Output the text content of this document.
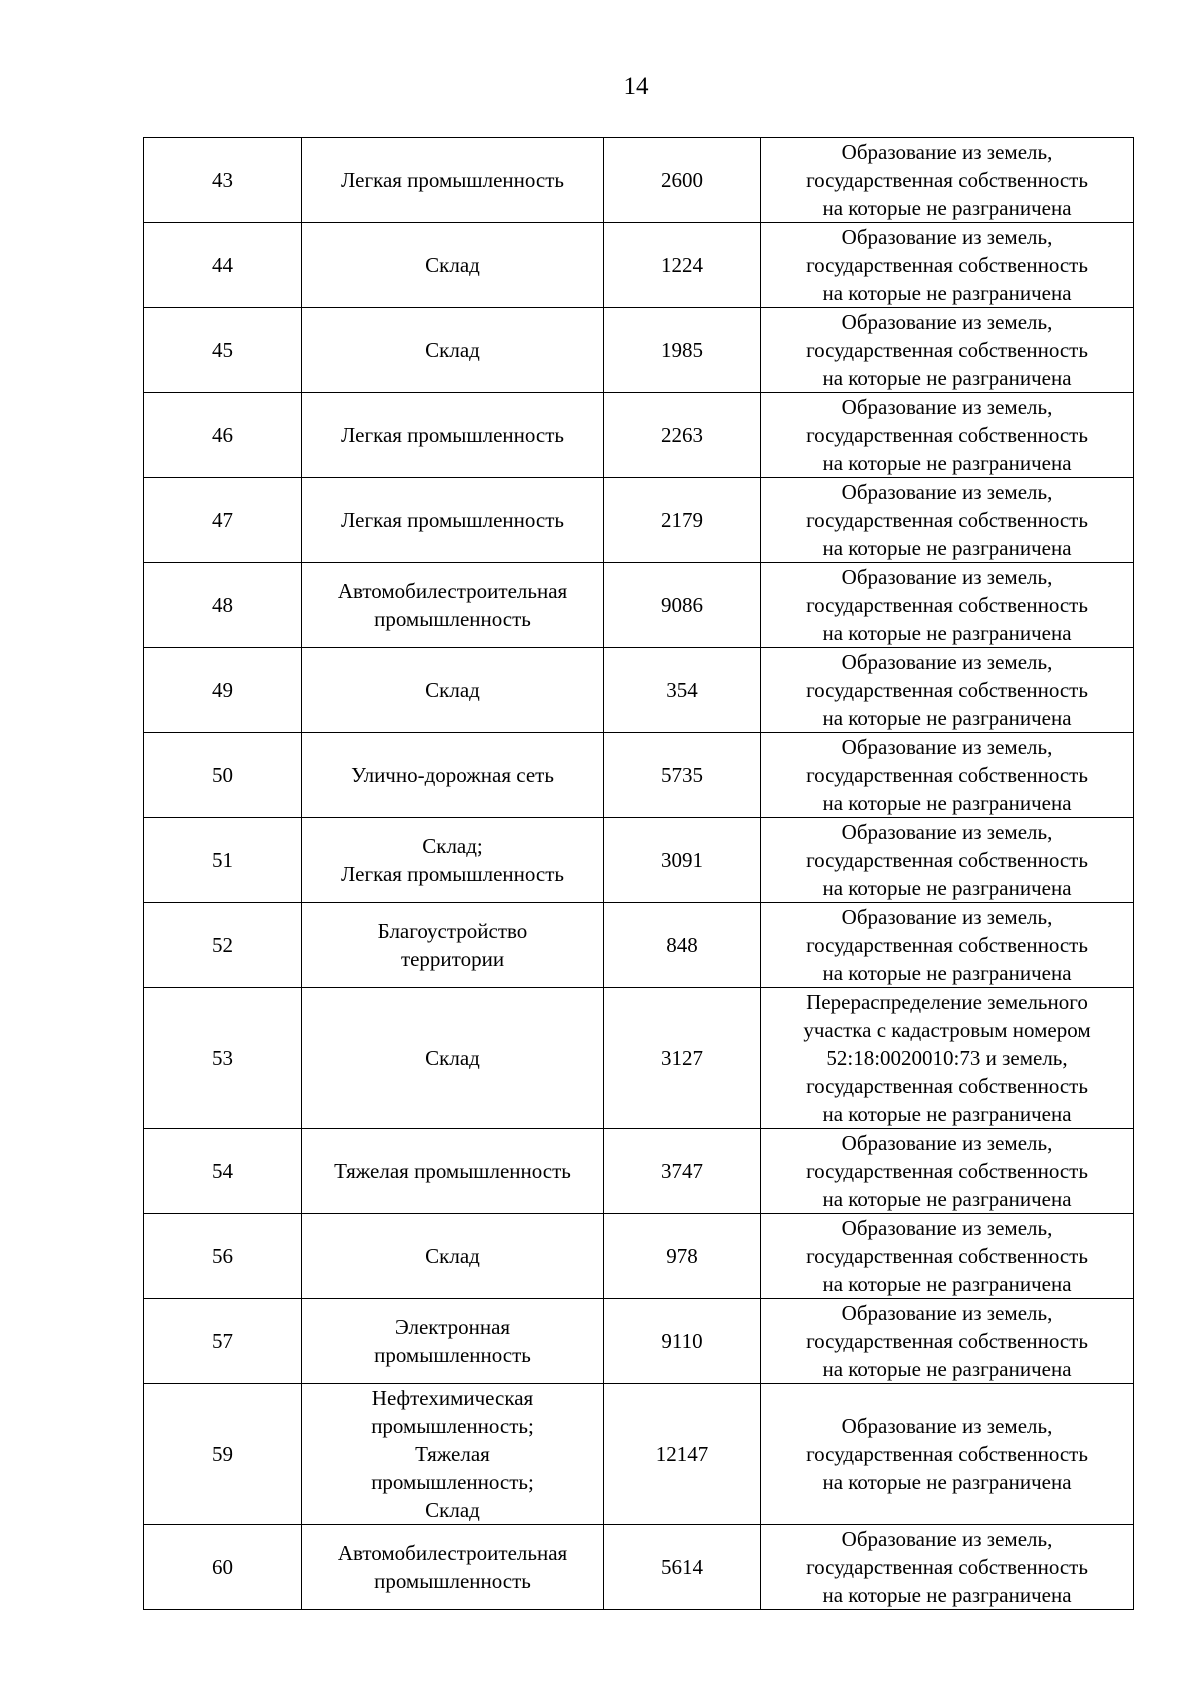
14
43	Легкая промышленность	2600	Образование из земель,
государственная собственность
на которые не разграничена
44	Склад	1224	Образование из земель,
государственная собственность
на которые не разграничена
45	Склад	1985	Образование из земель,
государственная собственность
на которые не разграничена
46	Легкая промышленность	2263	Образование из земель,
государственная собственность
на которые не разграничена
47	Легкая промышленность	2179	Образование из земель,
государственная собственность
на которые не разграничена
48	Автомобилестроительная
промышленность	9086	Образование из земель,
государственная собственность
на которые не разграничена
49	Склад	354	Образование из земель,
государственная собственность
на которые не разграничена
50	Улично-дорожная сеть	5735	Образование из земель,
государственная собственность
на которые не разграничена
51	Склад;
Легкая промышленность	3091	Образование из земель,
государственная собственность
на которые не разграничена
52	Благоустройство
территории	848	Образование из земель,
государственная собственность
на которые не разграничена
53	Склад	3127	Перераспределение земельного
участка с кадастровым номером
52:18:0020010:73 и земель,
государственная собственность
на которые не разграничена
54	Тяжелая промышленность	3747	Образование из земель,
государственная собственность
на которые не разграничена
56	Склад	978	Образование из земель,
государственная собственность
на которые не разграничена
57	Электронная
промышленность	9110	Образование из земель,
государственная собственность
на которые не разграничена
59	Нефтехимическая
промышленность;
Тяжелая
промышленность;
Склад	12147	Образование из земель,
государственная собственность
на которые не разграничена
60	Автомобилестроительная
промышленность	5614	Образование из земель,
государственная собственность
на которые не разграничена
